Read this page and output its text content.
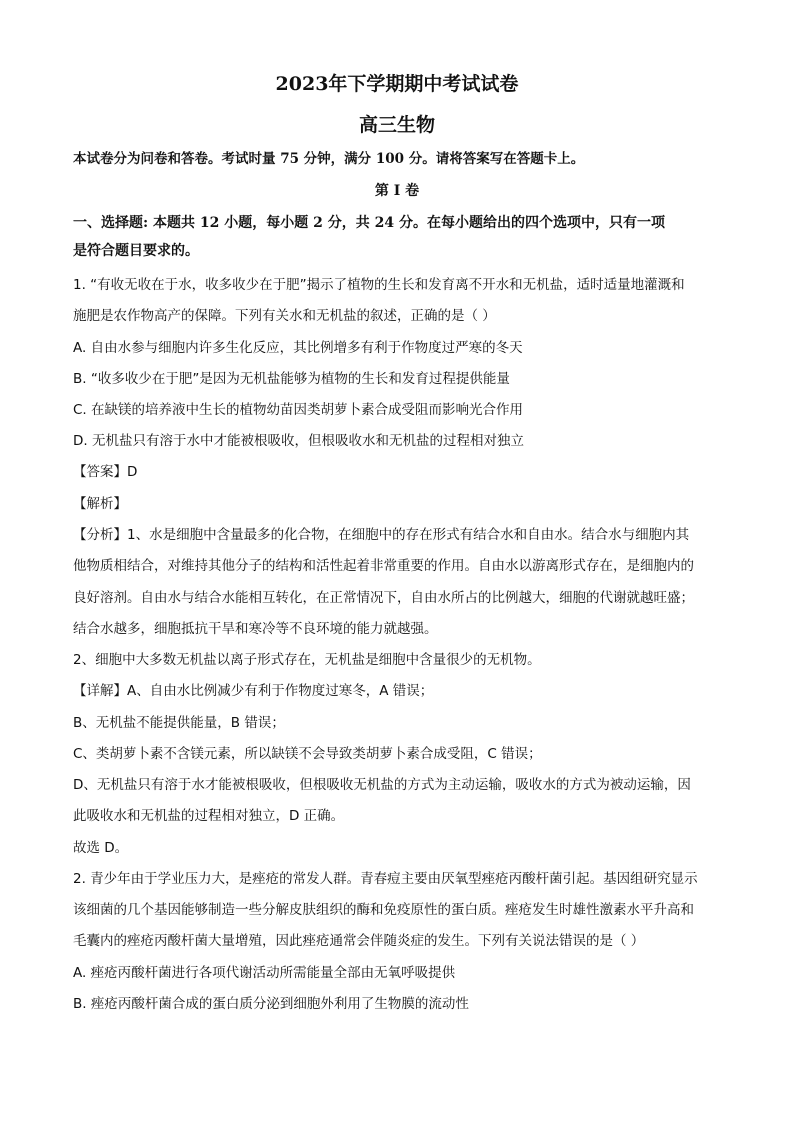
2023年下学期期中考试试卷
高三生物
本试卷分为问卷和答卷。考试时量 75 分钟，满分 100 分。请将答案写在答题卡上。
第 I 卷
一、选择题: 本题共 12 小题，每小题 2 分，共 24 分。在每小题给出的四个选项中，只有一项
是符合题目要求的。
1. “有收无收在于水，收多收少在于肥”揭示了植物的生长和发育离不开水和无机盐，适时适量地灌溉和
施肥是农作物高产的保障。下列有关水和无机盐的叙述，正确的是（ ）
A. 自由水参与细胞内许多生化反应，其比例增多有利于作物度过严寒的冬天
B. “收多收少在于肥”是因为无机盐能够为植物的生长和发育过程提供能量
C. 在缺镁的培养液中生长的植物幼苗因类胡萝卜素合成受阻而影响光合作用
D. 无机盐只有溶于水中才能被根吸收，但根吸收水和无机盐的过程相对独立
【答案】D
【解析】
【分析】1、水是细胞中含量最多的化合物，在细胞中的存在形式有结合水和自由水。结合水与细胞内其
他物质相结合，对维持其他分子的结构和活性起着非常重要的作用。自由水以游离形式存在，是细胞内的
良好溶剂。自由水与结合水能相互转化，在正常情况下，自由水所占的比例越大，细胞的代谢就越旺盛；
结合水越多，细胞抵抗干旱和寒冷等不良环境的能力就越强。
2、细胞中大多数无机盐以离子形式存在，无机盐是细胞中含量很少的无机物。
【详解】A、自由水比例减少有利于作物度过寒冬，A 错误；
B、无机盐不能提供能量，B 错误；
C、类胡萝卜素不含镁元素，所以缺镁不会导致类胡萝卜素合成受阻，C 错误；
D、无机盐只有溶于水才能被根吸收，但根吸收无机盐的方式为主动运输，吸收水的方式为被动运输，因
此吸收水和无机盐的过程相对独立，D 正确。
故选 D。
2. 青少年由于学业压力大，是痤疮的常发人群。青春痘主要由厌氧型痤疮丙酸杆菌引起。基因组研究显示
该细菌的几个基因能够制造一些分解皮肤组织的酶和免疫原性的蛋白质。痤疮发生时雄性激素水平升高和
毛囊内的痤疮丙酸杆菌大量增殖，因此痤疮通常会伴随炎症的发生。下列有关说法错误的是（ ）
A. 痤疮丙酸杆菌进行各项代谢活动所需能量全部由无氧呼吸提供
B. 痤疮丙酸杆菌合成的蛋白质分泌到细胞外利用了生物膜的流动性
